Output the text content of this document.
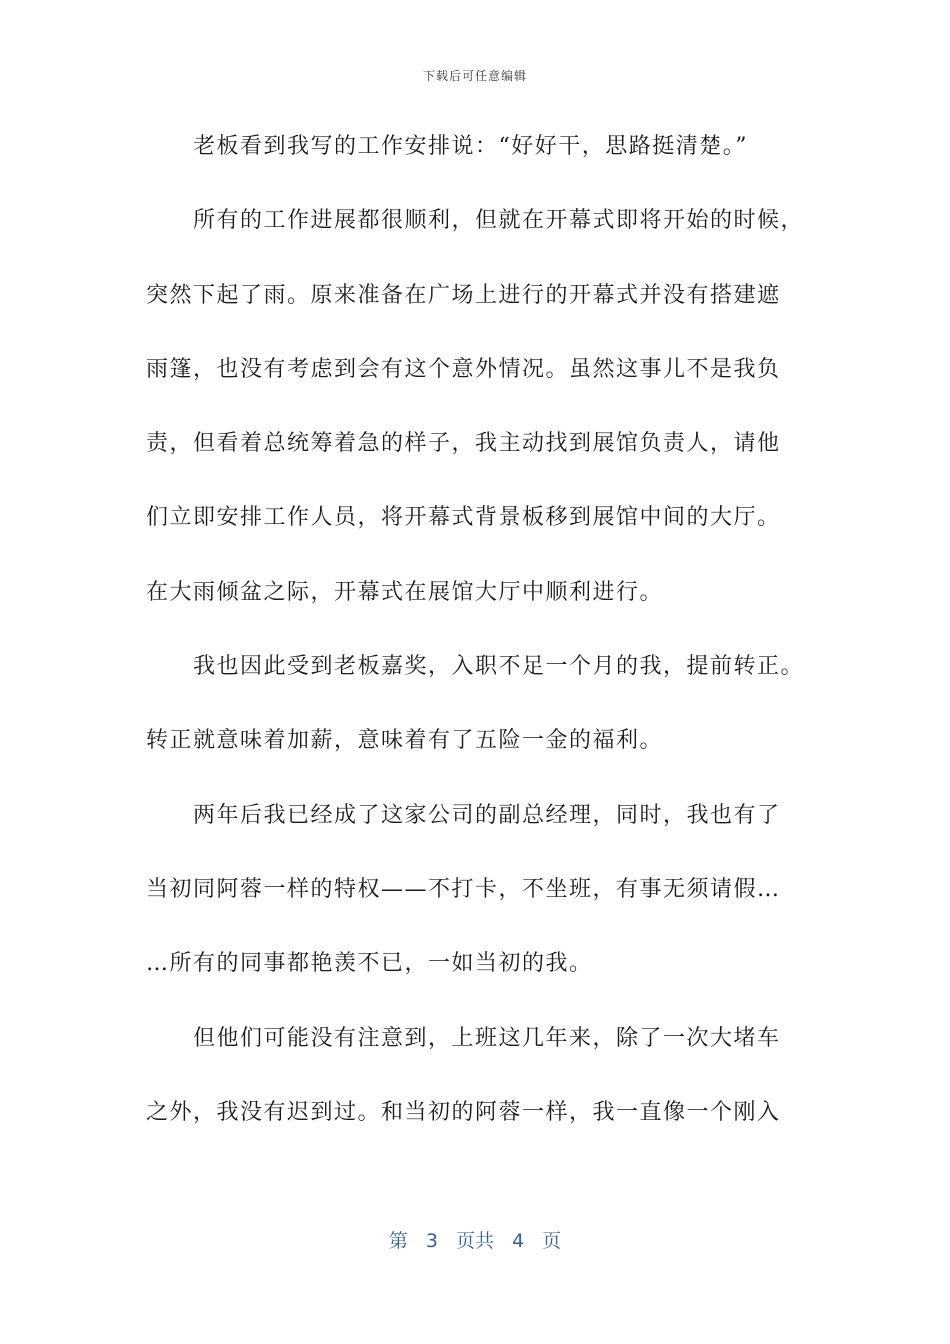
下载后可任意编辑
老板看到我写的工作安排说：“好好干，思路挺清楚。”
所有的工作进展都很顺利，但就在开幕式即将开始的时候，
突然下起了雨。原来准备在广场上进行的开幕式并没有搭建遮
雨篷，也没有考虑到会有这个意外情况。虽然这事儿不是我负
责，但看着总统筹着急的样子，我主动找到展馆负责人，请他
们立即安排工作人员，将开幕式背景板移到展馆中间的大厅。
在大雨倾盆之际，开幕式在展馆大厅中顺利进行。
我也因此受到老板嘉奖，入职不足一个月的我，提前转正。
转正就意味着加薪，意味着有了五险一金的福利。
两年后我已经成了这家公司的副总经理，同时，我也有了
当初同阿蓉一样的特权——不打卡，不坐班，有事无须请假…
…所有的同事都艳羡不已，一如当初的我。
但他们可能没有注意到，上班这几年来，除了一次大堵车
之外，我没有迟到过。和当初的阿蓉一样，我一直像一个刚入
第 3 页共 4 页
